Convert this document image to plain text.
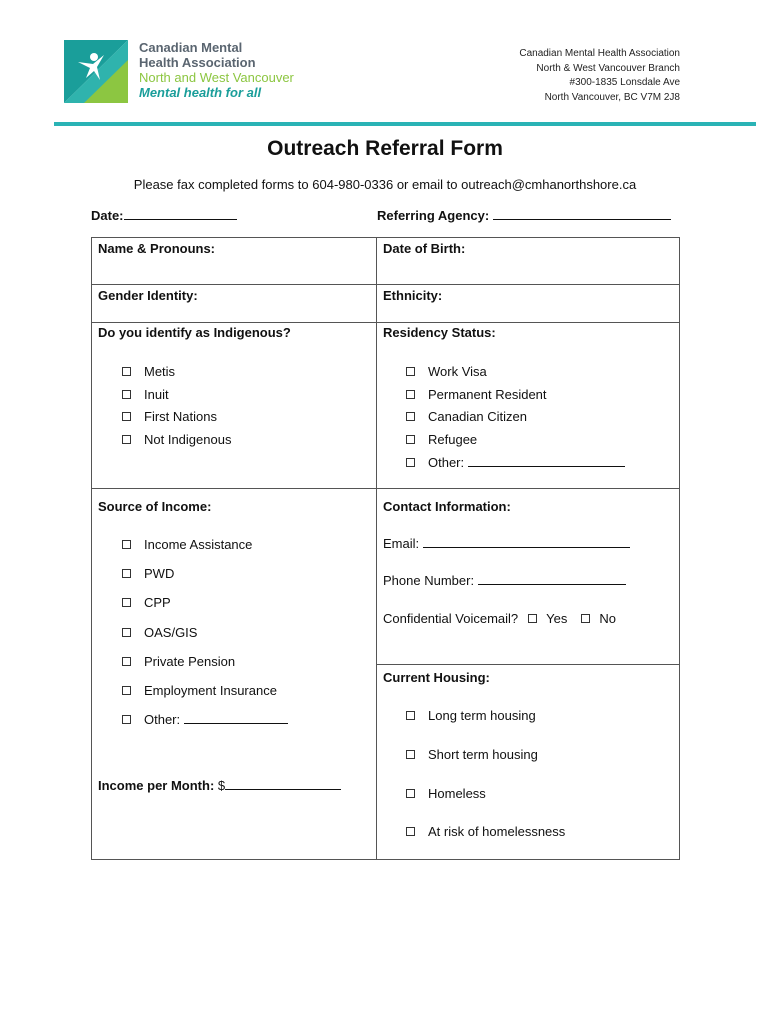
Canadian Mental
Health Association
North and West Vancouver
Mental health for all
Canadian Mental Health Association
North & West Vancouver Branch
#300-1835 Lonsdale Ave
North Vancouver, BC V7M 2J8
Outreach Referral Form
Please fax completed forms to 604-980-0336 or email to outreach@cmhanorthshore.ca
Date:	Referring Agency:
Name & Pronouns:	Date of Birth:
Gender Identity:	Ethnicity:
Do you identify as Indigenous?
Metis
Inuit
First Nations
Not Indigenous
Residency Status:
Work Visa
Permanent Resident
Canadian Citizen
Refugee
Other:

Source of Income:
Income Assistance
PWD
CPP
OAS/GIS
Private Pension
Employment Insurance
Other:

Income per Month: $
Contact Information:
Email:
Phone Number:
Confidential Voicemail? Yes No
Current Housing:
Long term housing
Short term housing
Homeless
At risk of homelessness
